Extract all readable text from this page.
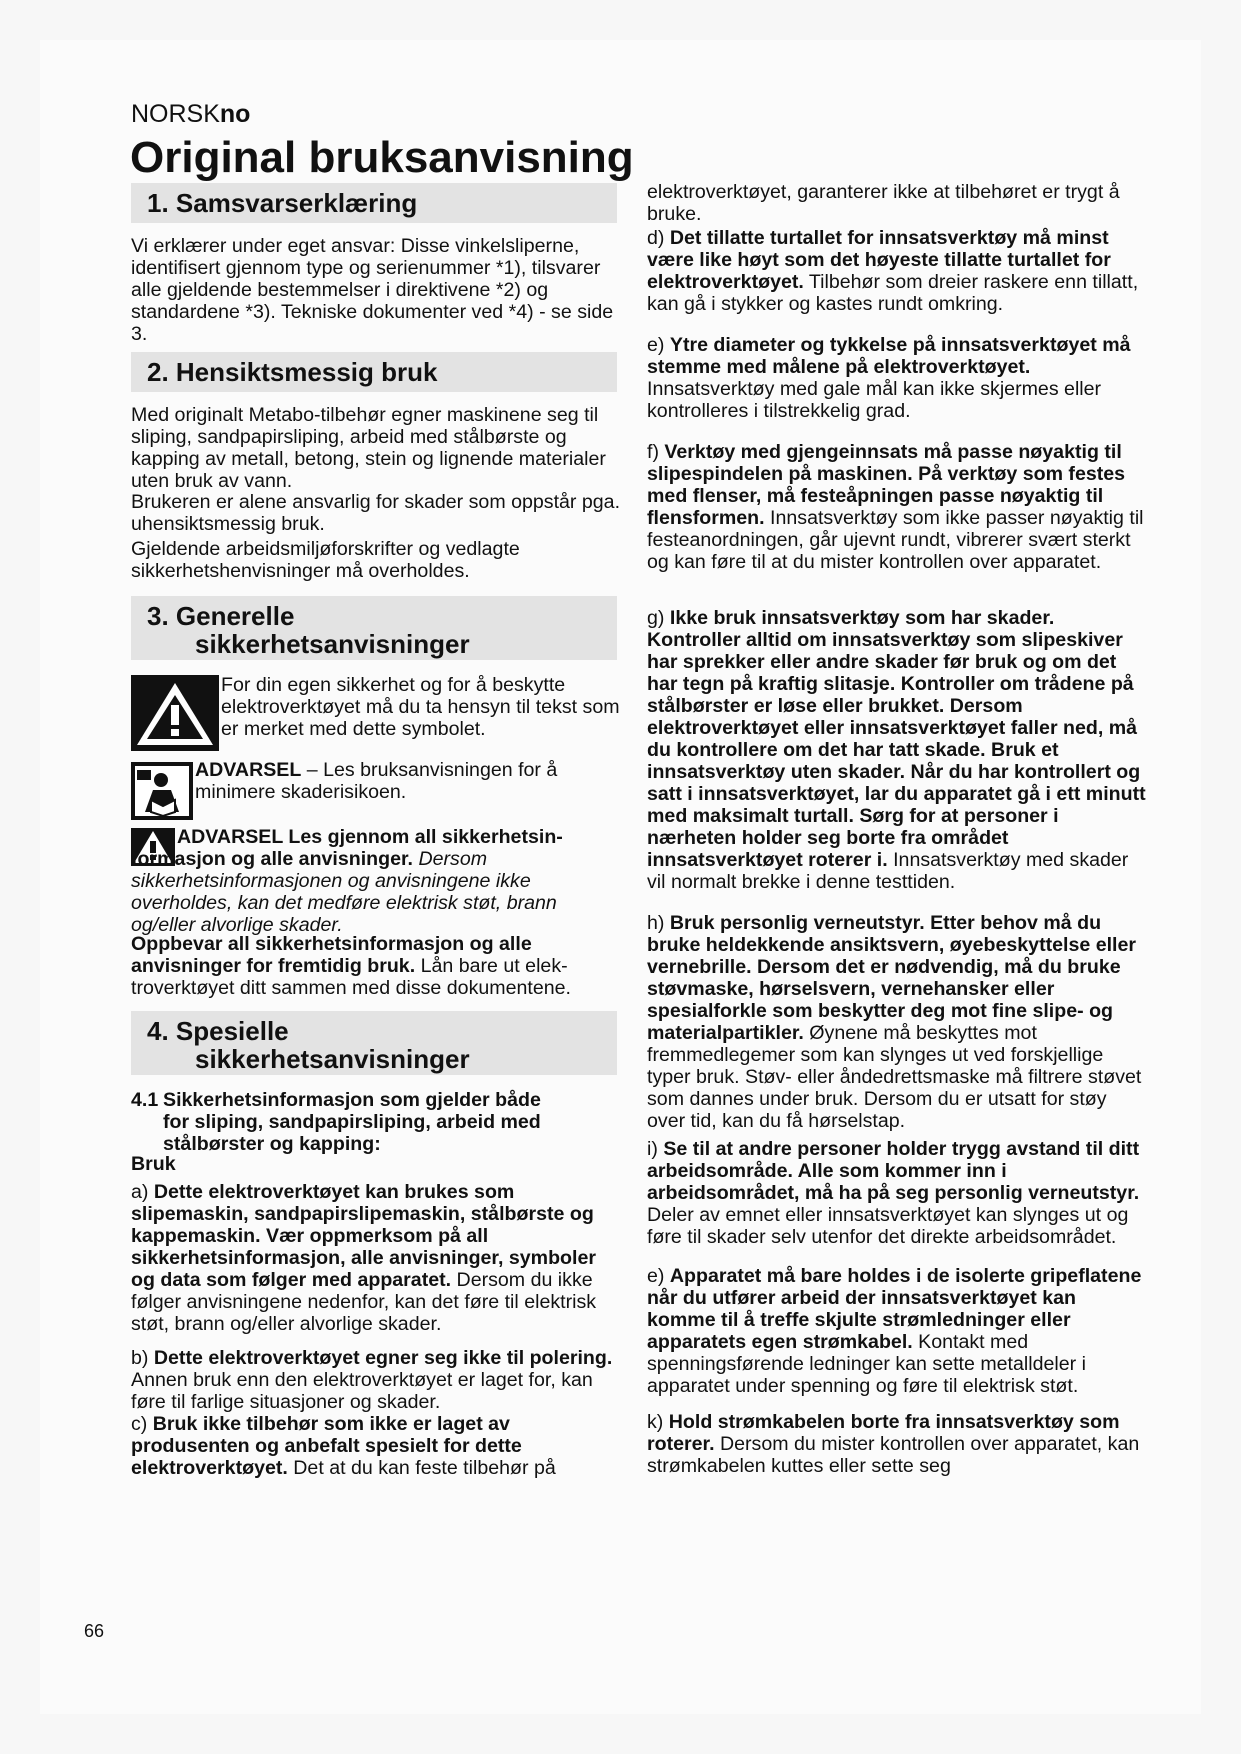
NORSKno
Original bruksanvisning
1. Samsvarserklæring

Vi erklærer under eget ansvar: Disse vinkelsliperne, identifisert gjennom type og serienummer *1), tilsvarer alle gjeldende bestemmelser i direktivene *2) og standardene *3). Tekniske dokumenter ved *4) - se side 3.

2. Hensiktsmessig bruk

Med originalt Metabo-tilbehør egner maskinene seg til sliping, sandpapirsliping, arbeid med stålbørste og kapping av metall, betong, stein og lignende materialer uten bruk av vann.

Brukeren er alene ansvarlig for skader som oppstår pga. uhensiktsmessig bruk.

Gjeldende arbeidsmiljøforskrifter og vedlagte sikkerhetshenvisninger må overholdes.

3. Generelle
sikkerhetsanvisninger

For din egen sikkerhet og for å beskytte elektroverktøyet må du ta hensyn til tekst som er merket med dette symbolet.

ADVARSEL – Les bruksanvisningen for å minimere skaderisikoen.

ADVARSEL Les gjennom all sikkerhetsinformasjon og alle anvisninger. Dersom sikkerhetsinformasjonen og anvisningene ikke overholdes, kan det medføre elektrisk støt, brann og/eller alvorlige skader.

Oppbevar all sikkerhetsinformasjon og alle anvisninger for fremtidig bruk. Lån bare ut elektroverktøyet ditt sammen med disse dokumentene.

4. Spesielle
sikkerhetsanvisninger
4.1 Sikkerhetsinformasjon som gjelder både for sliping, sandpapirsliping, arbeid med stålbørster og kapping:

Bruk

a) Dette elektroverktøyet kan brukes som slipemaskin, sandpapirslipemaskin, stålbørste og kappemaskin. Vær oppmerksom på all sikkerhetsinformasjon, alle anvisninger, symboler og data som følger med apparatet. Dersom du ikke følger anvisningene nedenfor, kan det føre til elektrisk støt, brann og/eller alvorlige skader.

b) Dette elektroverktøyet egner seg ikke til polering. Annen bruk enn den elektroverktøyet er laget for, kan føre til farlige situasjoner og skader.

c) Bruk ikke tilbehør som ikke er laget av produsenten og anbefalt spesielt for dette elektroverktøyet. Det at du kan feste tilbehør på

d) Det tillatte turtallet for innsatsverktøy må minst være like høyt som det høyeste tillatte turtallet for elektroverktøyet. Tilbehør som dreier raskere enn tillatt, kan gå i stykker og kastes rundt omkring.

e) Ytre diameter og tykkelse på innsatsverktøyet må stemme med målene på elektroverktøyet. Innsatsverktøy med gale mål kan ikke skjermes eller kontrolleres i tilstrekkelig grad.

f) Verktøy med gjengeinnsats må passe nøyaktig til slipespindelen på maskinen. På verktøy som festes med flenser, må festeåpningen passe nøyaktig til flensformen. Innsatsverktøy som ikke passer nøyaktig til festeanordningen, går ujevnt rundt, vibrerer svært sterkt og kan føre til at du mister kontrollen over apparatet.

g) Ikke bruk innsatsverktøy som har skader. Kontroller alltid om innsatsverktøy som slipeskiver har sprekker eller andre skader før bruk og om det har tegn på kraftig slitasje. Kontroller om trådene på stålbørster er løse eller brukket. Dersom elektroverktøyet eller innsatsverktøyet faller ned, må du kontrollere om det har tatt skade. Bruk et innsatsverktøy uten skader. Når du har kontrollert og satt i innsatsverktøyet, lar du apparatet gå i ett minutt med maksimalt turtall. Sørg for at personer i nærheten holder seg borte fra området innsatsverktøyet roterer i. Innsatsverktøy med skader vil normalt brekke i denne testtiden.

h) Bruk personlig verneutstyr. Etter behov må du bruke heldekkende ansiktsvern, øyebeskyttelse eller vernebrille. Dersom det er nødvendig, må du bruke støvmaske, hørselsvern, vernehansker eller spesialforkle som beskytter deg mot fine slipe- og materialpartikler. Øynene må beskyttes mot fremmedlegemer som kan slynges ut ved forskjellige typer bruk. Støv- eller åndedrettsmaske må filtrere støvet som dannes under bruk. Dersom du er utsatt for støy over tid, kan du få hørselstap.

i) Se til at andre personer holder trygg avstand til ditt arbeidsområde. Alle som kommer inn i arbeidsområdet, må ha på seg personlig verneutstyr. Deler av emnet eller innsatsverktøyet kan slynges ut og føre til skader selv utenfor det direkte arbeidsområdet.

e) Apparatet må bare holdes i de isolerte gripeflatene når du utfører arbeid der innsatsverktøyet kan komme til å treffe skjulte strømledninger eller apparatets egen strømkabel. Kontakt med spenningsførende ledninger kan sette metalldeler i apparatet under spenning og føre til elektrisk støt.

k) Hold strømkabelen borte fra innsatsverktøy som roterer. Dersom du mister kontrollen over apparatet, kan strømkabelen kuttes eller sette seg

elektroverktøyet, garanterer ikke at tilbehøret er trygt å bruke.

66
